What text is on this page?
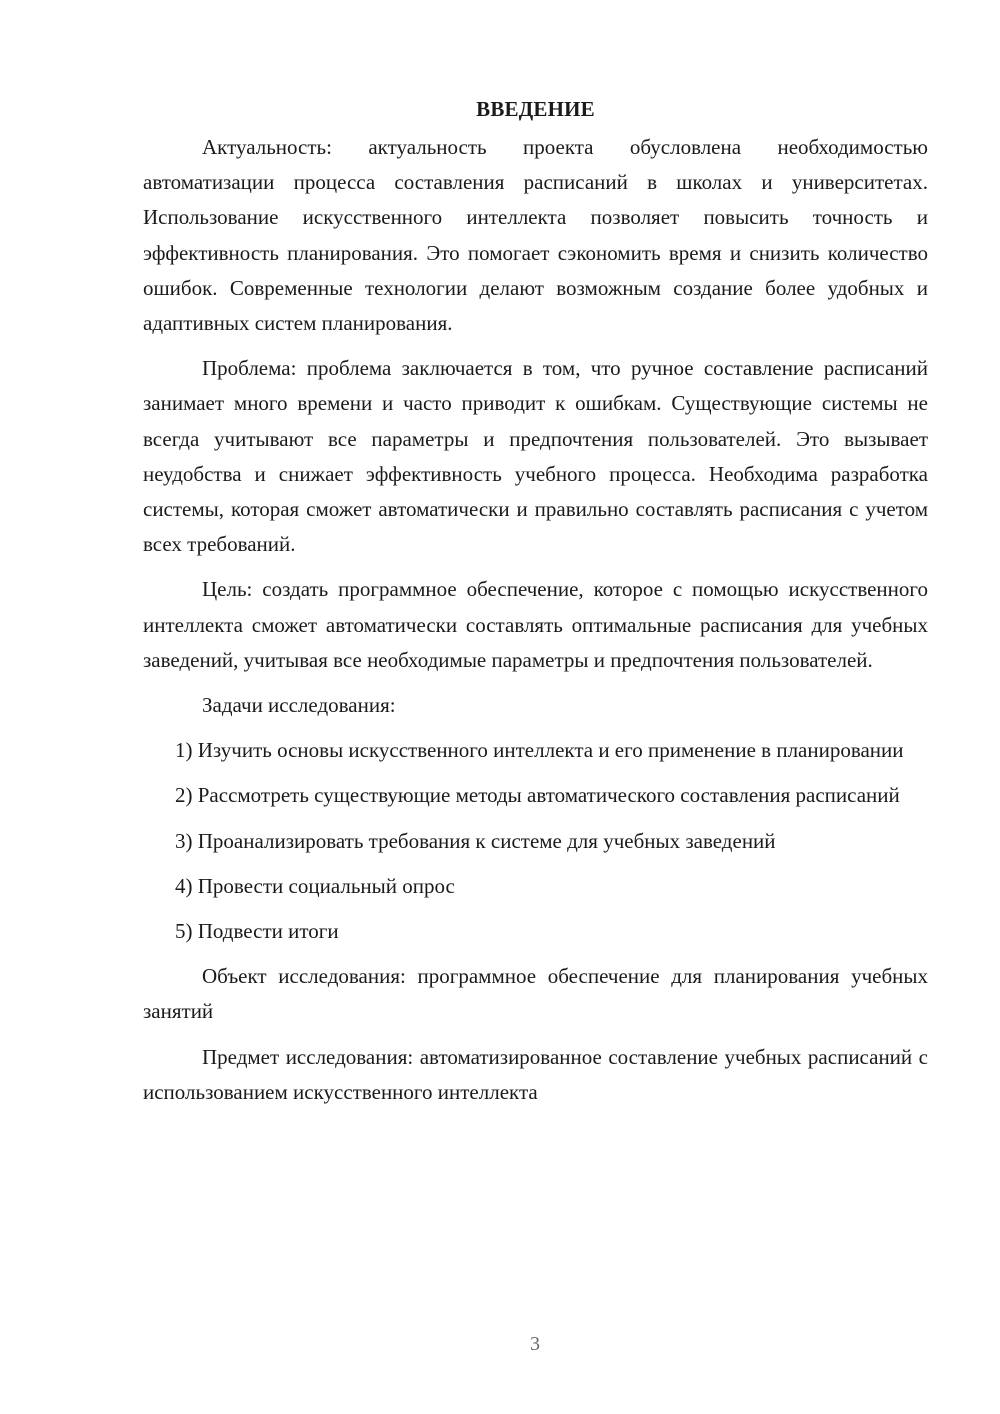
ВВЕДЕНИЕ

Актуальность: актуальность проекта обусловлена необходимостью автоматизации процесса составления расписаний в школах и университетах. Использование искусственного интеллекта позволяет повысить точность и эффективность планирования. Это помогает сэкономить время и снизить количество ошибок. Современные технологии делают возможным создание более удобных и адаптивных систем планирования.

Проблема: проблема заключается в том, что ручное составление расписаний занимает много времени и часто приводит к ошибкам. Существующие системы не всегда учитывают все параметры и предпочтения пользователей. Это вызывает неудобства и снижает эффективность учебного процесса. Необходима разработка системы, которая сможет автоматически и правильно составлять расписания с учетом всех требований.

Цель: создать программное обеспечение, которое с помощью искусственного интеллекта сможет автоматически составлять оптимальные расписания для учебных заведений, учитывая все необходимые параметры и предпочтения пользователей.

Задачи исследования:

1) Изучить основы искусственного интеллекта и его применение в планировании

2) Рассмотреть существующие методы автоматического составления расписаний

3) Проанализировать требования к системе для учебных заведений

4) Провести социальный опрос

5) Подвести итоги

Объект исследования: программное обеспечение для планирования учебных занятий

Предмет исследования: автоматизированное составление учебных расписаний с использованием искусственного интеллекта

3
